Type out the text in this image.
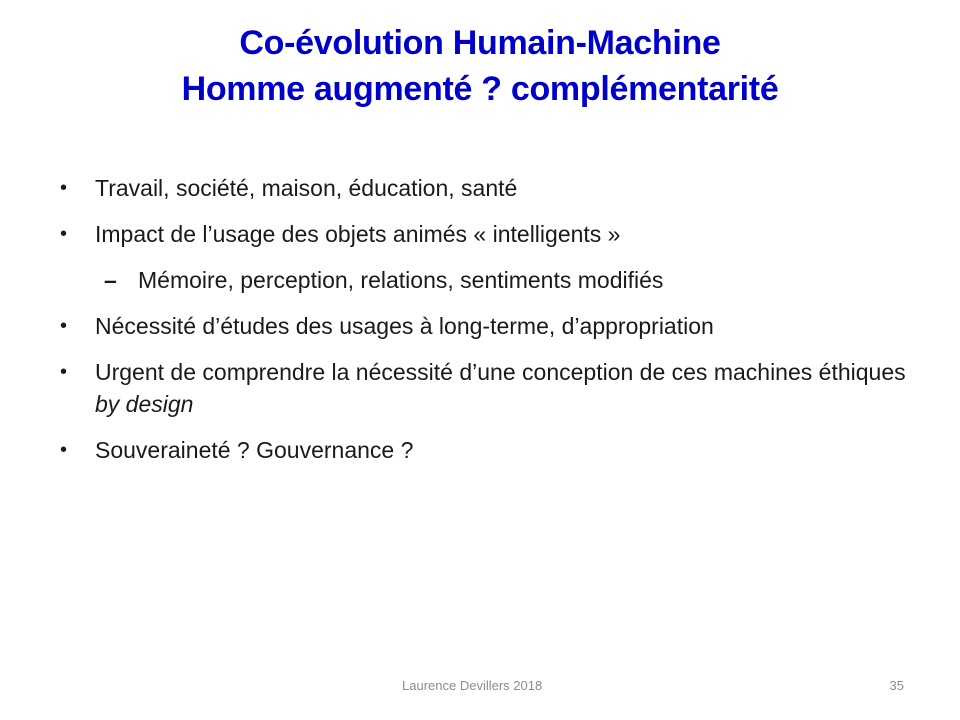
Co-évolution Humain-Machine
Homme augmenté ? complémentarité
•	Travail, société, maison, éducation, santé
•	Impact de l’usage des objets animés « intelligents »
– Mémoire, perception, relations, sentiments modifiés
•	Nécessité d’études des usages à long-terme, d’appropriation
•	Urgent de comprendre la nécessité d’une conception de ces machines éthiques by design
•	Souveraineté ? Gouvernance ?
Laurence Devillers 2018	35
